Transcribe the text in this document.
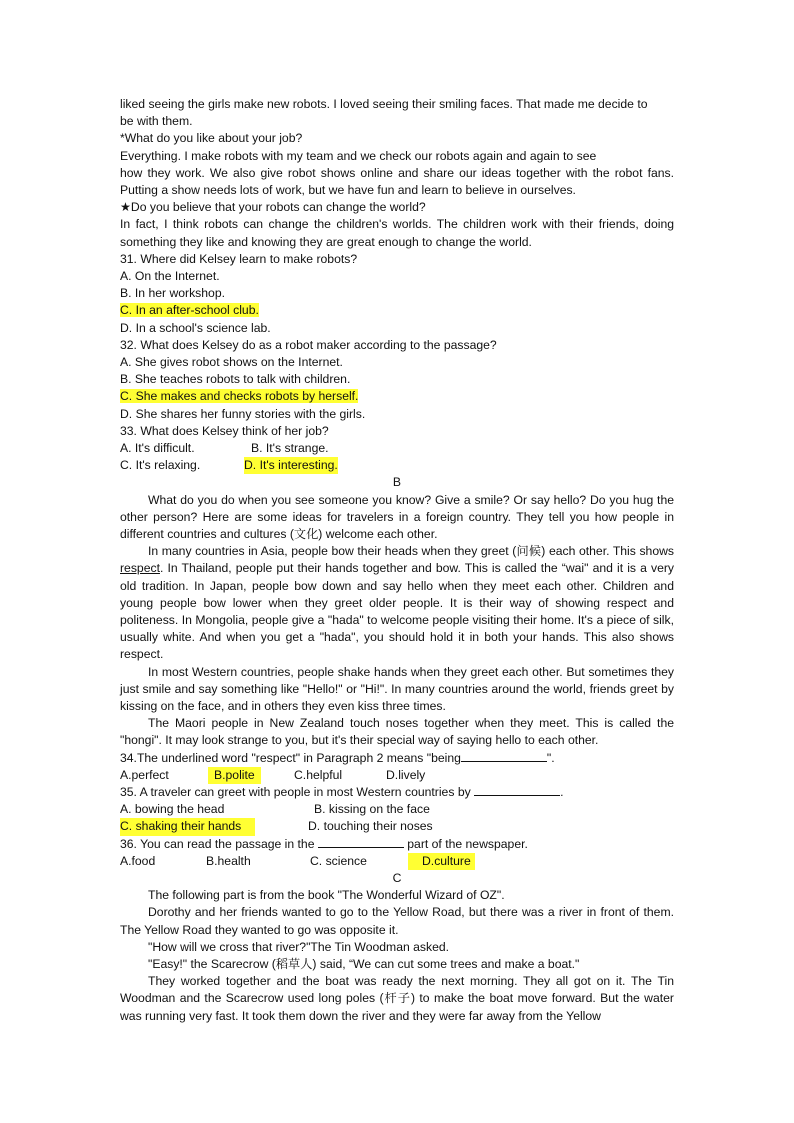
liked seeing the girls make new robots. I loved seeing their smiling faces. That made me decide to
be with them.
*What do you like about your job?
Everything. I make robots with my team and we check our robots again and again to see
how they work. We also give robot shows online and share our ideas together with the robot fans. Putting a show needs lots of work, but we have fun and learn to believe in ourselves.
★Do you believe that your robots can change the world?
In fact, I think robots can change the children's worlds. The children work with their friends, doing something they like and knowing they are great enough to change the world.
31. Where did Kelsey learn to make robots?
A. On the Internet.
B. In her workshop.
C. In an after-school club.
D. In a school's science lab.
32. What does Kelsey do as a robot maker according to the passage?
A. She gives robot shows on the Internet.
B. She teaches robots to talk with children.
C. She makes and checks robots by herself.
D. She shares her funny stories with the girls.
33. What does Kelsey think of her job?
A. It's difficult.	B. It's strange.
C. It's relaxing.	D. It's interesting.
B
What do you do when you see someone you know? Give a smile? Or say hello? Do you hug the other person? Here are some ideas for travelers in a foreign country. They tell you how people in different countries and cultures (文化) welcome each other.
In many countries in Asia, people bow their heads when they greet (问候) each other. This shows respect. In Thailand, people put their hands together and bow. This is called the “wai" and it is a very old tradition. In Japan, people bow down and say hello when they meet each other. Children and young people bow lower when they greet older people. It is their way of showing respect and politeness. In Mongolia, people give a "hada" to welcome people visiting their home. It's a piece of silk, usually white. And when you get a "hada", you should hold it in both your hands. This also shows respect.
In most Western countries, people shake hands when they greet each other. But sometimes they just smile and say something like "Hello!" or "Hi!". In many countries around the world, friends greet by kissing on the face, and in others they even kiss three times.
The Maori people in New Zealand touch noses together when they meet. This is called the "hongi". It may look strange to you, but it's their special way of saying hello to each other.
34.The underlined word "respect" in Paragraph 2 means "being	".
A.perfect	B.polite	C.helpful	D.lively
35. A traveler can greet with people in most Western countries by	.
A. bowing the head	B. kissing on the face
C. shaking their hands	D. touching their noses
36. You can read the passage in the	part of the newspaper.
A.food	B.health	C. science	D.culture
C
The following part is from the book "The Wonderful Wizard of OZ".
Dorothy and her friends wanted to go to the Yellow Road, but there was a river in front of them. The Yellow Road they wanted to go was opposite it.
"How will we cross that river?"The Tin Woodman asked.
"Easy!" the Scarecrow (稻草人) said, “We can cut some trees and make a boat."
They worked together and the boat was ready the next morning. They all got on it. The Tin Woodman and the Scarecrow used long poles (杆子) to make the boat move forward. But the water was running very fast. It took them down the river and they were far away from the Yellow
